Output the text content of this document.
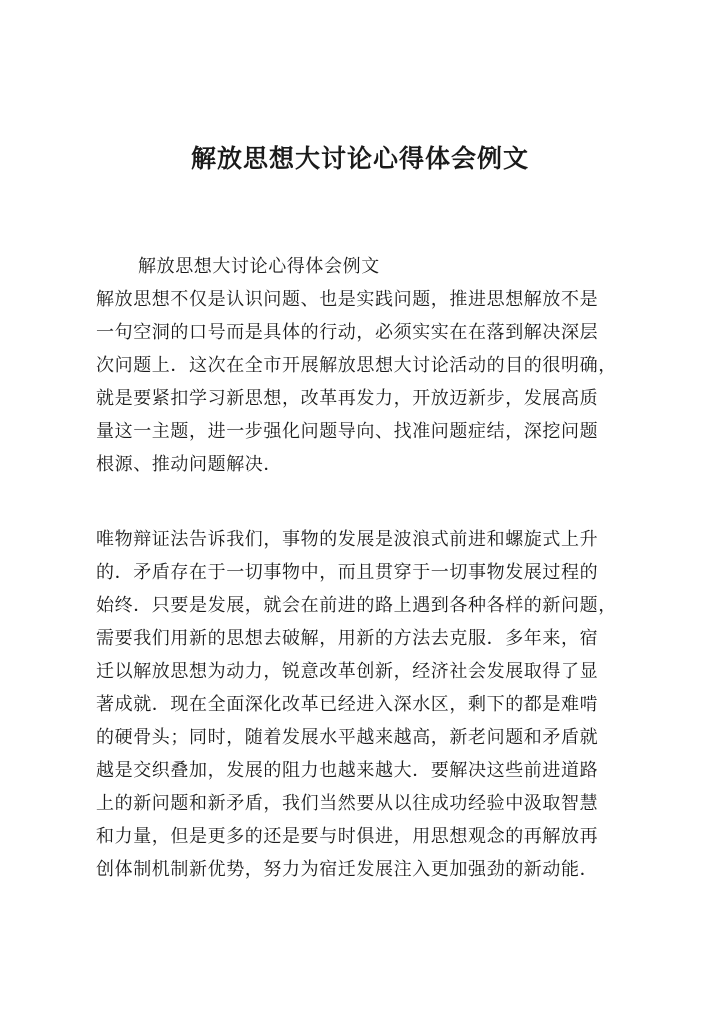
解放思想大讨论心得体会例文
解放思想大讨论心得体会例文
解放思想不仅是认识问题、也是实践问题，推进思想解放不是
一句空洞的口号而是具体的行动，必须实实在在落到解决深层
次问题上．这次在全市开展解放思想大讨论活动的目的很明确，
就是要紧扣学习新思想，改革再发力，开放迈新步，发展高质
量这一主题，进一步强化问题导向、找准问题症结，深挖问题
根源、推动问题解决．
唯物辩证法告诉我们，事物的发展是波浪式前进和螺旋式上升
的．矛盾存在于一切事物中，而且贯穿于一切事物发展过程的
始终．只要是发展，就会在前进的路上遇到各种各样的新问题，
需要我们用新的思想去破解，用新的方法去克服．多年来，宿
迁以解放思想为动力，锐意改革创新，经济社会发展取得了显
著成就．现在全面深化改革已经进入深水区，剩下的都是难啃
的硬骨头；同时，随着发展水平越来越高，新老问题和矛盾就
越是交织叠加，发展的阻力也越来越大．要解决这些前进道路
上的新问题和新矛盾，我们当然要从以往成功经验中汲取智慧
和力量，但是更多的还是要与时俱进，用思想观念的再解放再
创体制机制新优势，努力为宿迁发展注入更加强劲的新动能．
